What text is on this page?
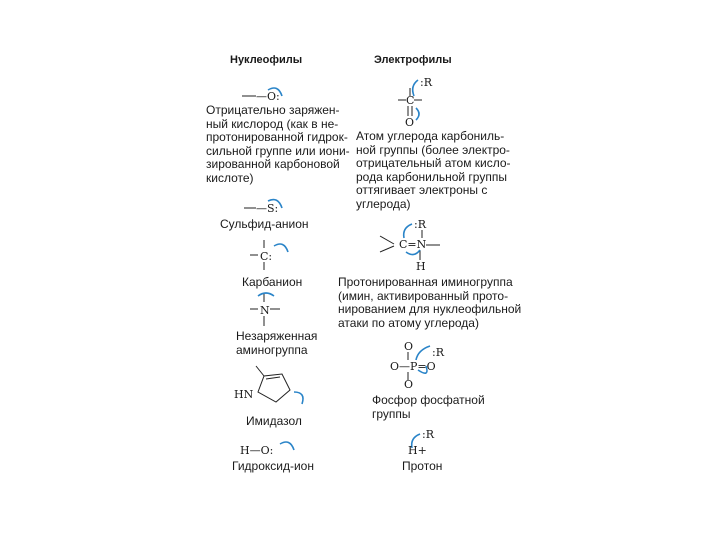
Нуклеофилы	Электрофилы
—O:
Отрицательно заряжен-
ный кислород (как в не-
протонированной гидрок-
сильной группе или иони-
зированной карбоновой
кислоте)
—S:
Сульфид-анион
C:
Карбанион
N
Незаряженная
аминогруппа
HN
Имидазол
H—O:
Гидроксид-ион
:R
C
O
Атом углерода карбониль-
ной группы (более электро-
отрицательный атом кисло-
рода карбонильной группы
оттягивает электроны с
углерода)
:R
C=N
H
Протонированная иминогруппа
(имин, активированный прото-
нированием для нуклеофильной
атаки по атому углерода)
O :R
O—P=O
O
Фосфор фосфатной
группы
:R
H+
Протон
